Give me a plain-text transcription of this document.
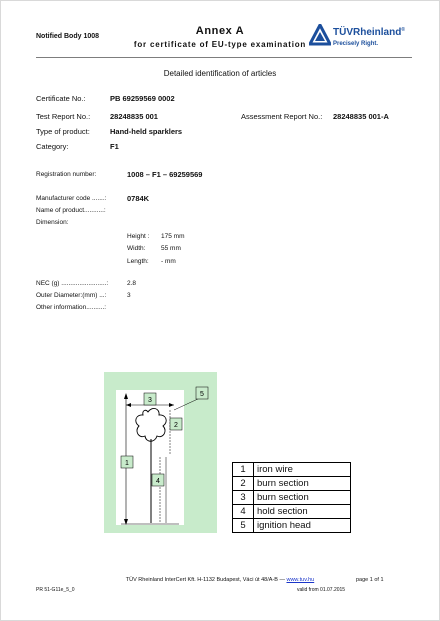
Notified Body 1008	Annex A
for certificate of EU-type examination
TÜVRheinland®
Precisely Right.
Detailed identification of articles
Certificate No.:	PB 69259569 0002
Test Report No.:	28248835 001	Assessment Report No.: 28248835 001-A
Type of product:	Hand-held sparklers
Category:	F1
Registration number:	1008 – F1 – 69259569
Manufacturer code .......:	0784K
Name of product...........:
Dimension:
Height : 175 mm
Width: 55 mm
Length: - mm
NEC (g) .........................:	2.8
Outer Diameter:(mm) ...:	3
Other information..........:
3
2
1
4
5
1	iron wire
2	burn section
3	burn section
4	hold section
5	ignition head
TÜV Rheinland InterCert Kft. H-1132 Budapest, Váci út 48/A-B — www.tuv.hu	page 1 of 1
PR 51-G11e_5_0	valid from 01.07.2015
